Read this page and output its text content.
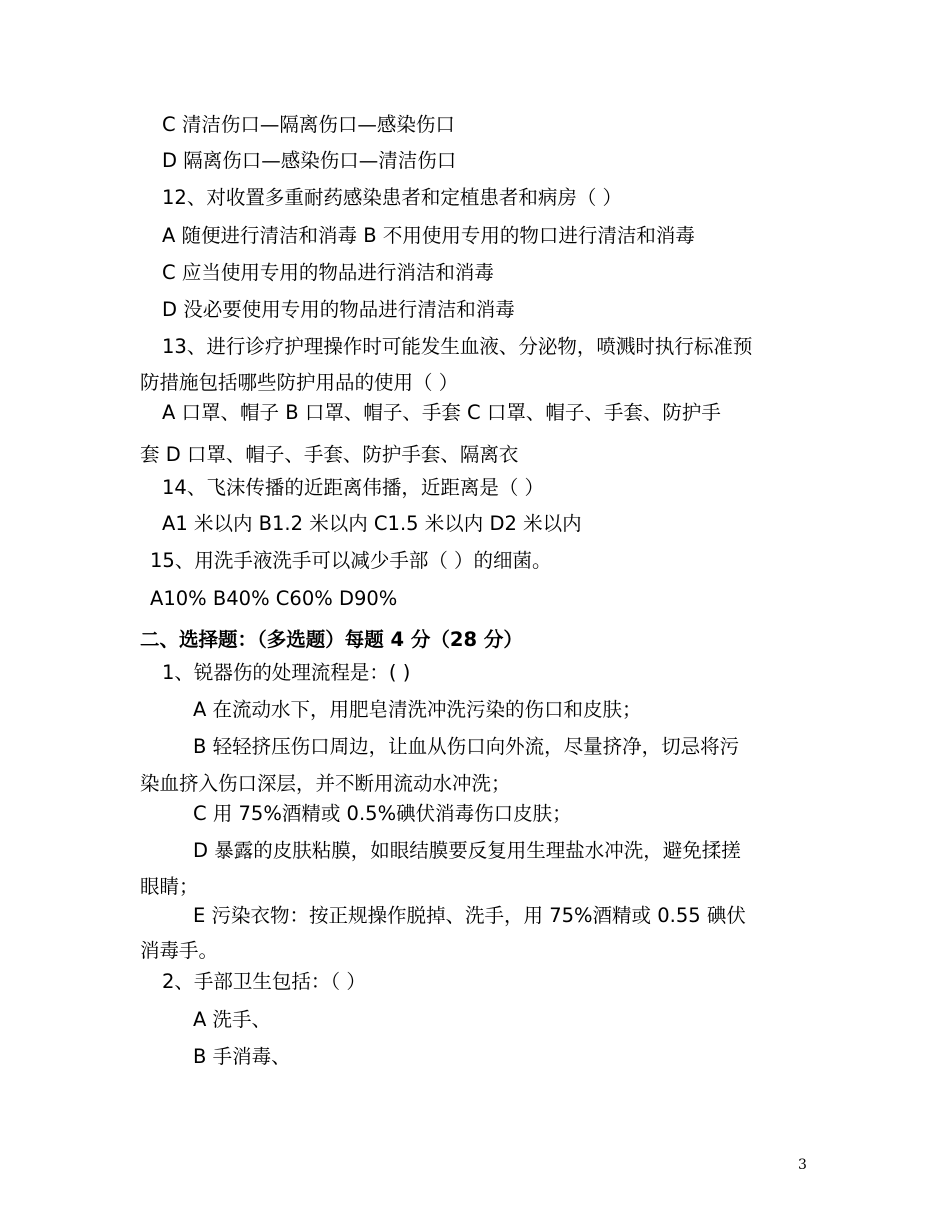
C 清洁伤口—隔离伤口—感染伤口

D 隔离伤口—感染伤口—清洁伤口

12、对收置多重耐药感染患者和定植患者和病房（ ）

A 随便进行清洁和消毒 B 不用使用专用的物口进行清洁和消毒

C 应当使用专用的物品进行消洁和消毒

D 没必要使用专用的物品进行清洁和消毒

13、进行诊疗护理操作时可能发生血液、分泌物，喷溅时执行标准预

防措施包括哪些防护用品的使用（ ）

A 口罩、帽子 B 口罩、帽子、手套 C 口罩、帽子、手套、防护手

套 D 口罩、帽子、手套、防护手套、隔离衣

14、飞沫传播的近距离伟播，近距离是（ ）

A1 米以内 B1.2 米以内 C1.5 米以内 D2 米以内

15、用洗手液洗手可以减少手部（ ）的细菌。

A10% B40% C60% D90%

二、选择题：（多选题）每题 4 分（28 分）

1、锐器伤的处理流程是：( )

A 在流动水下，用肥皂清洗冲洗污染的伤口和皮肤；

B 轻轻挤压伤口周边，让血从伤口向外流，尽量挤净，切忌将污

染血挤入伤口深层，并不断用流动水冲洗；

C 用 75%酒精或 0.5%碘伏消毒伤口皮肤；

D 暴露的皮肤粘膜，如眼结膜要反复用生理盐水冲洗，避免揉搓

眼睛；

E 污染衣物：按正规操作脱掉、洗手，用 75%酒精或 0.55 碘伏

消毒手。

2、手部卫生包括：（ ）

A 洗手、

B 手消毒、

3
